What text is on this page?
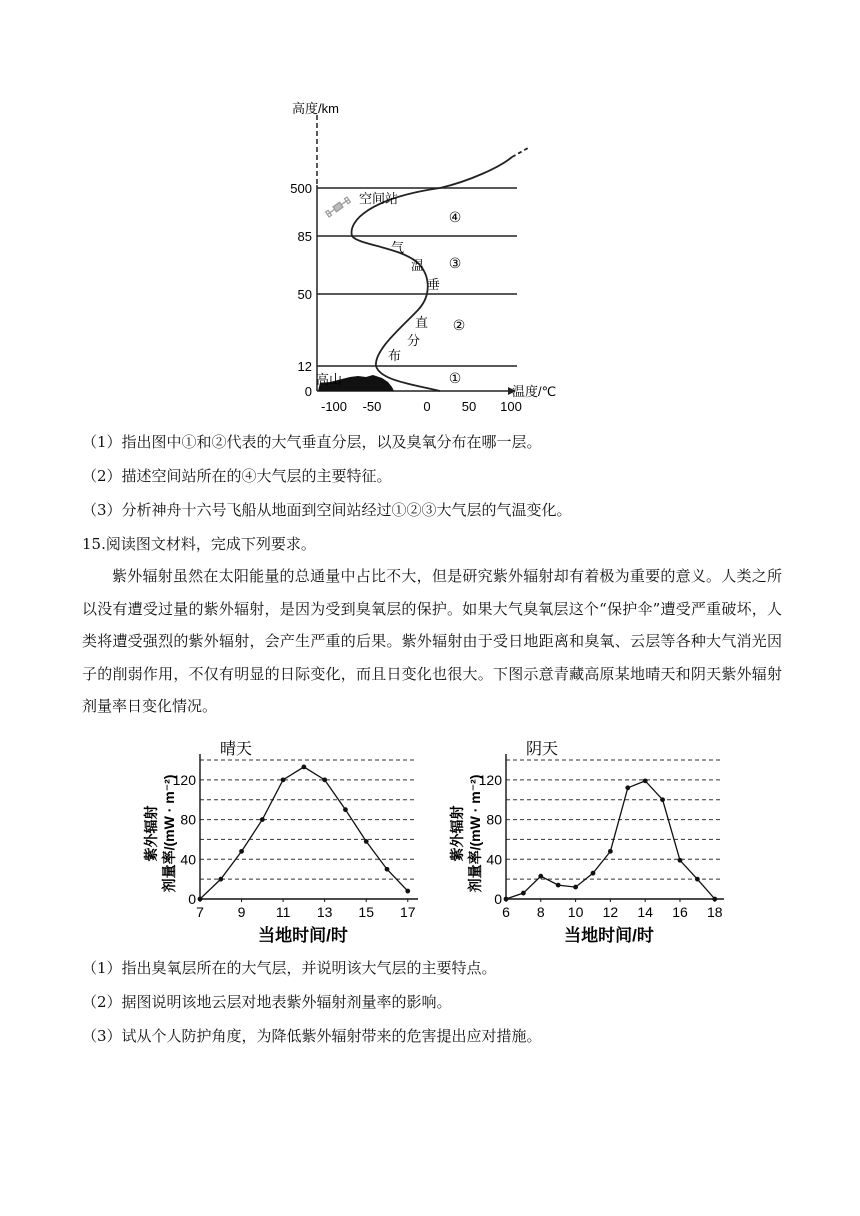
高度/km
500
85
50
12
0
-100 -50	0 50 100
温度/℃
高山
空间站
④
③
②
①
气
温
垂
直
分
布
（1）指出图中①和②代表的大气垂直分层，以及臭氧分布在哪一层。
（2）描述空间站所在的④大气层的主要特征。
（3）分析神舟十六号飞船从地面到空间站经过①②③大气层的气温变化。
15.阅读图文材料，完成下列要求。
紫外辐射虽然在太阳能量的总通量中占比不大，但是研究紫外辐射却有着极为重要的意义。人类之所以没有遭受过量的紫外辐射，是因为受到臭氧层的保护。如果大气臭氧层这个“保护伞”遭受严重破坏，人类将遭受强烈的紫外辐射，会产生严重的后果。紫外辐射由于受日地距离和臭氧、云层等各种大气消光因子的削弱作用，不仅有明显的日际变化，而且日变化也很大。下图示意青藏高原某地晴天和阴天紫外辐射剂量率日变化情况。
晴天
0
40
80
120
7 9 11 13 15 17
当地时间/时
紫外辐射 剂量率/(mW · m⁻²)
阴天
0
40
80
120
6 8 10 12 14 16 18
当地时间/时
紫外辐射 剂量率/(mW · m⁻²)
（1）指出臭氧层所在的大气层，并说明该大气层的主要特点。
（2）据图说明该地云层对地表紫外辐射剂量率的影响。
（3）试从个人防护角度，为降低紫外辐射带来的危害提出应对措施。
